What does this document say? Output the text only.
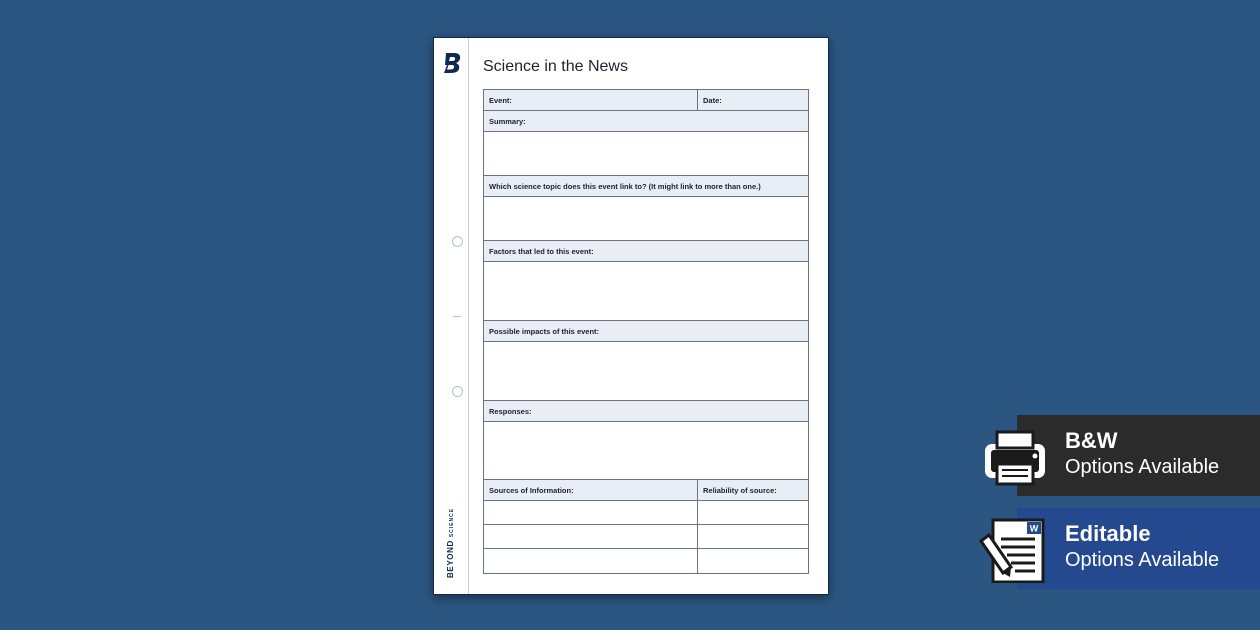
BEYONDSCIENCE
Science in the News
Event:	Date:
Summary:
Which science topic does this event link to? (It might link to more than one.)
Factors that led to this event:
Possible impacts of this event:
Responses:
Sources of Information:	Reliability of source:
B&W
Options Available
W Editable
Options Available
